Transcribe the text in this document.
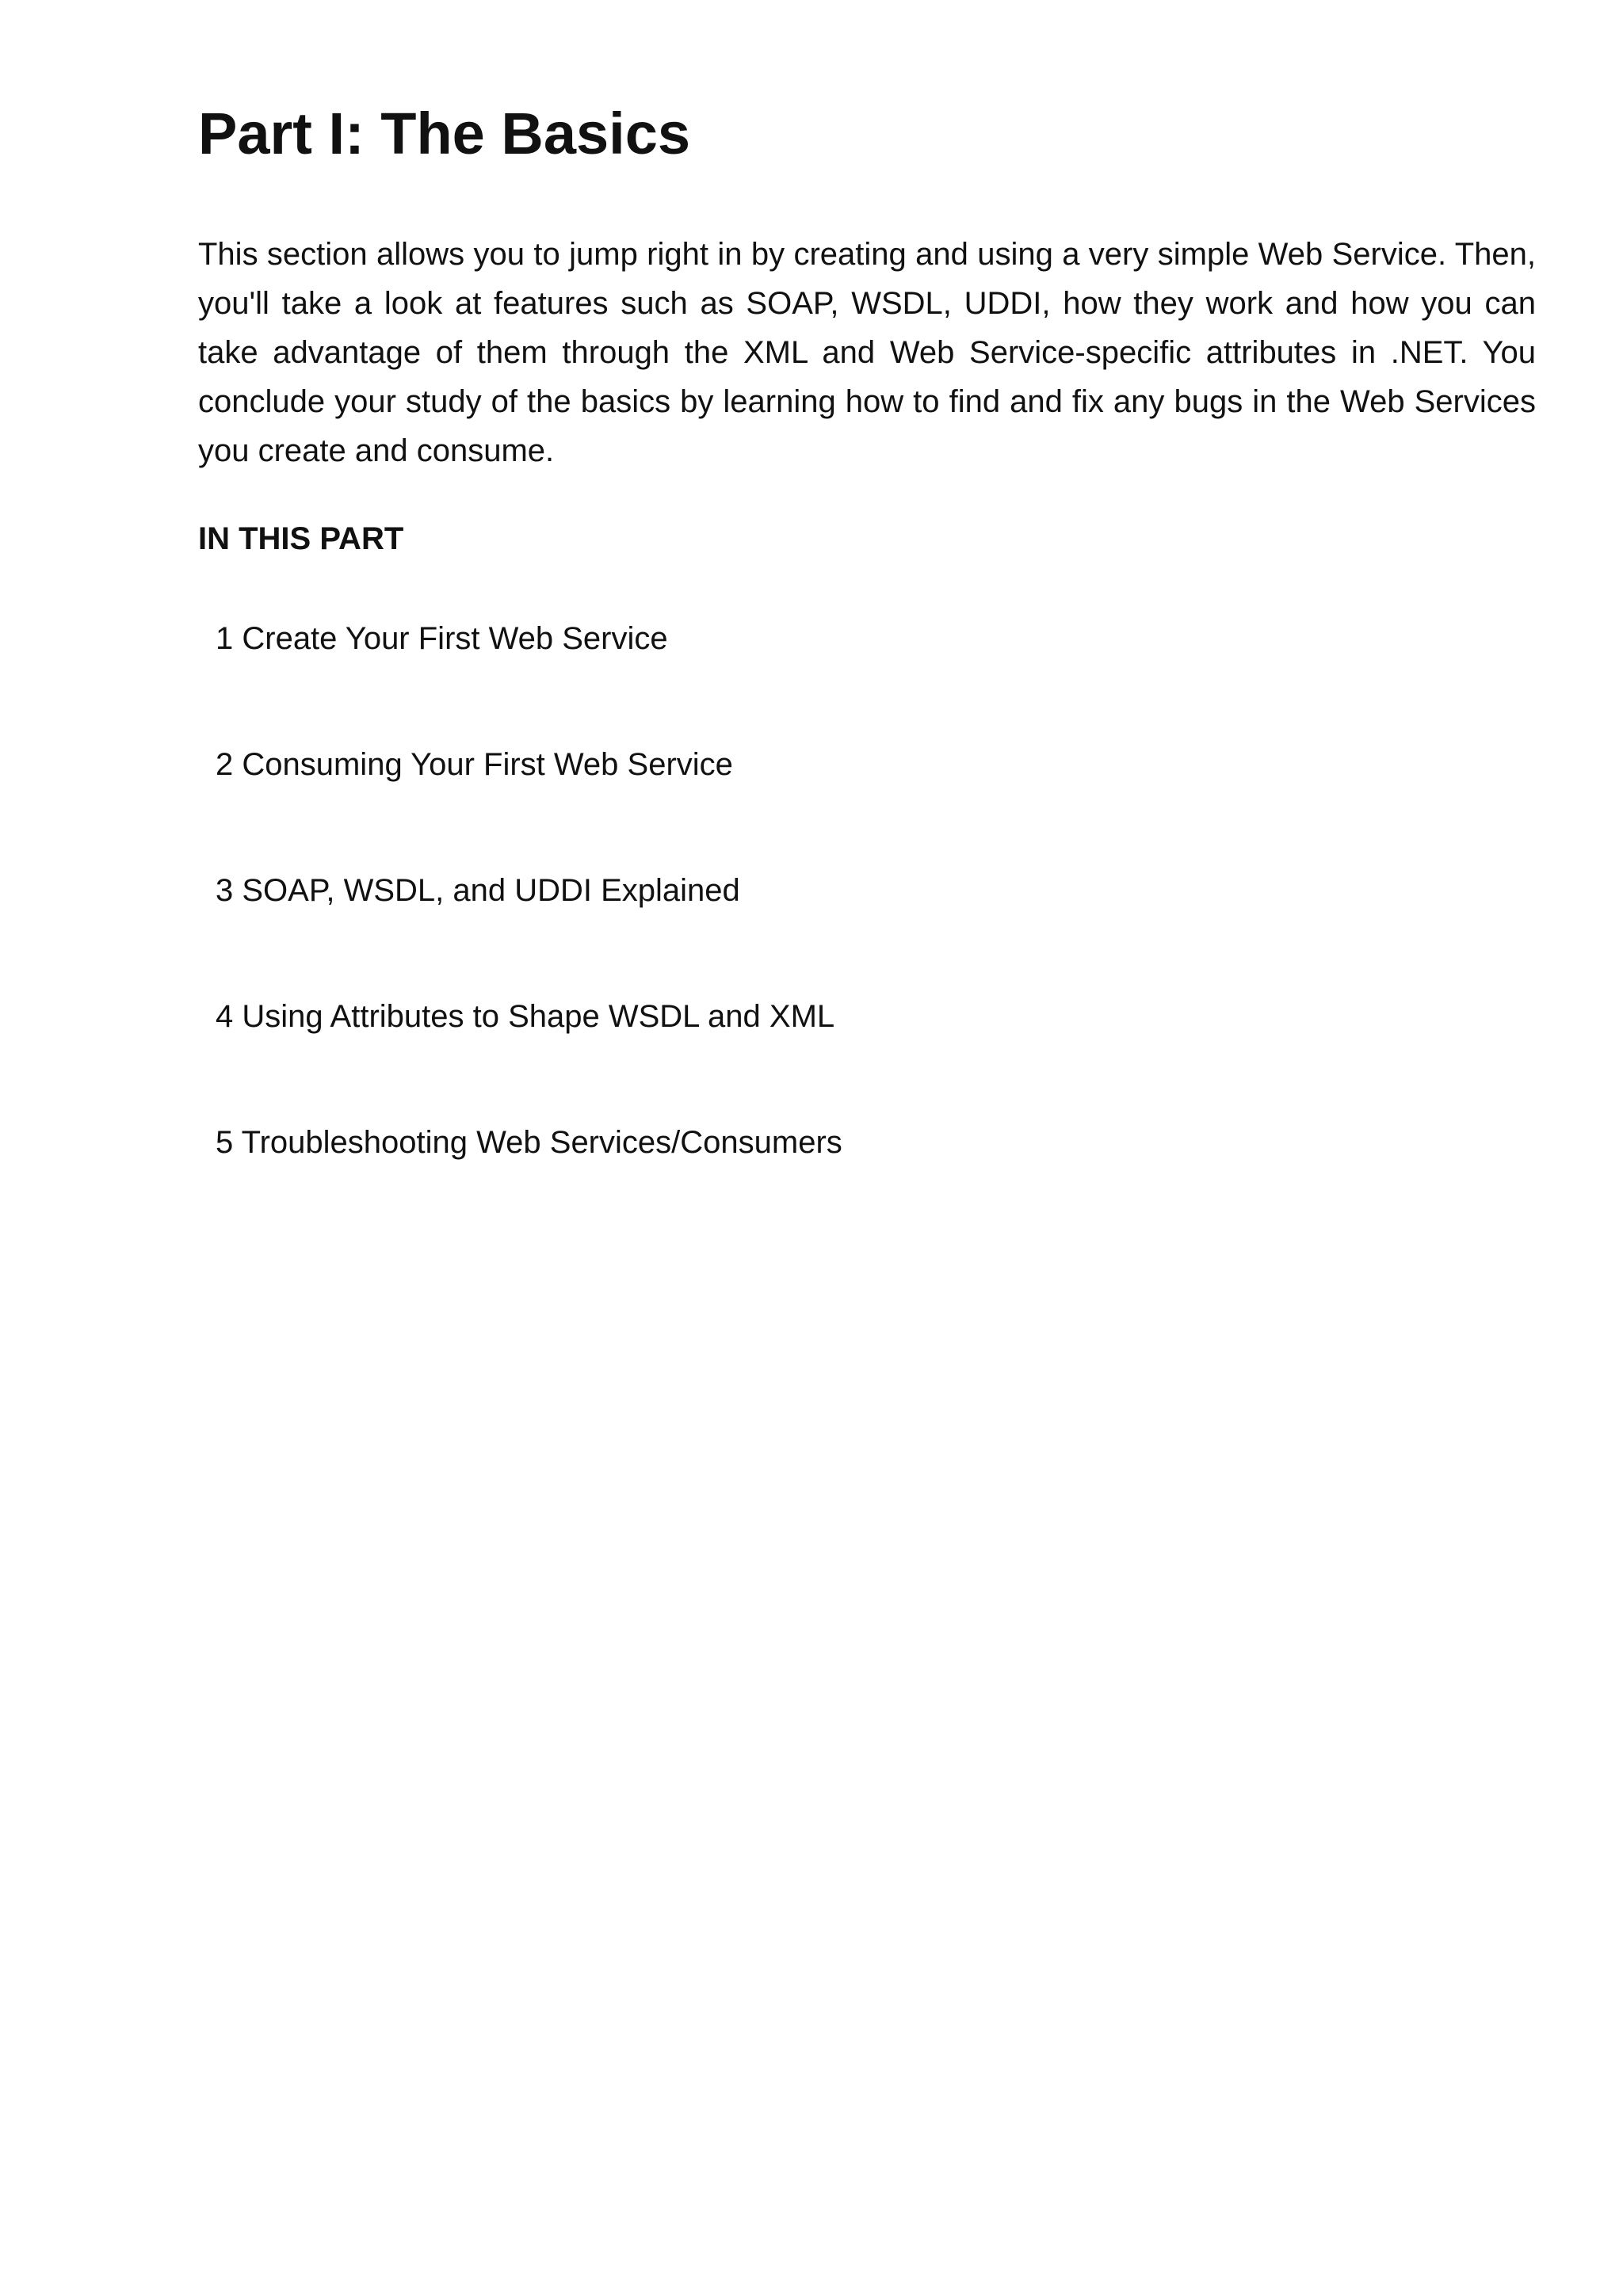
Part I: The Basics

This section allows you to jump right in by creating and using a very simple Web Service. Then, you'll take a look at features such as SOAP, WSDL, UDDI, how they work and how you can take advantage of them through the XML and Web Service-specific attributes in .NET. You conclude your study of the basics by learning how to find and fix any bugs in the Web Services you create and consume.

IN THIS PART
1 Create Your First Web Service
2 Consuming Your First Web Service
3 SOAP, WSDL, and UDDI Explained
4 Using Attributes to Shape WSDL and XML
5 Troubleshooting Web Services/Consumers
